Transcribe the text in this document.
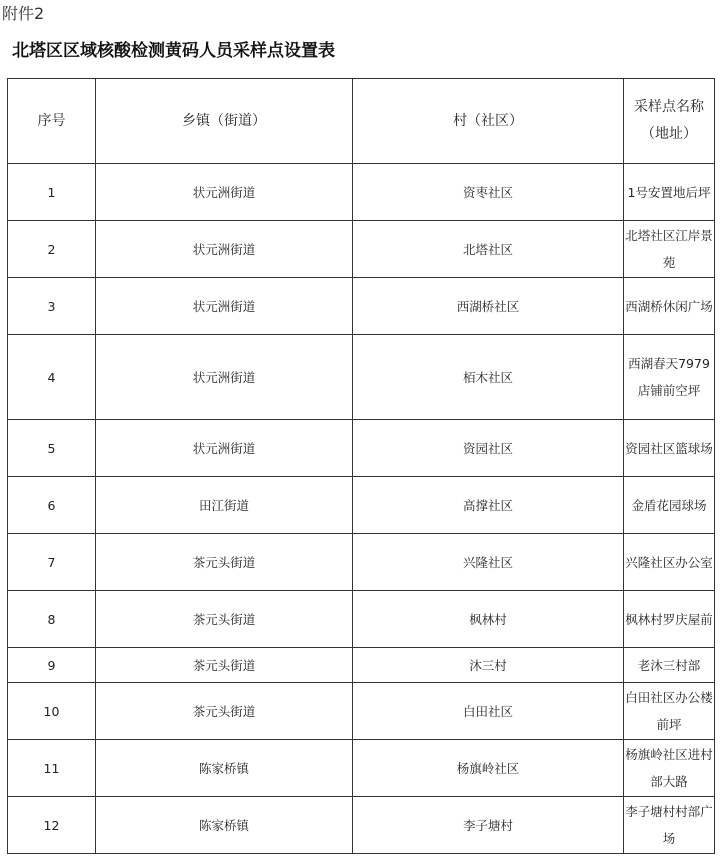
附件2
北塔区区域核酸检测黄码人员采样点设置表
序号	乡镇（街道）	村（社区）	采样点名称（地址）
1	状元洲街道	资枣社区	1号安置地后坪
2	状元洲街道	北塔社区	北塔社区江岸景苑
3	状元洲街道	西湖桥社区	西湖桥休闲广场
4	状元洲街道	栢木社区	西湖春天7979店铺前空坪
5	状元洲街道	资园社区	资园社区篮球场
6	田江街道	高撑社区	金盾花园球场
7	茶元头街道	兴隆社区	兴隆社区办公室
8	茶元头街道	枫林村	枫林村罗庆屋前
9	茶元头街道	沐三村	老沐三村部
10	茶元头街道	白田社区	白田社区办公楼前坪
11	陈家桥镇	杨旗岭社区	杨旗岭社区进村部大路
12	陈家桥镇	李子塘村	李子塘村村部广场
